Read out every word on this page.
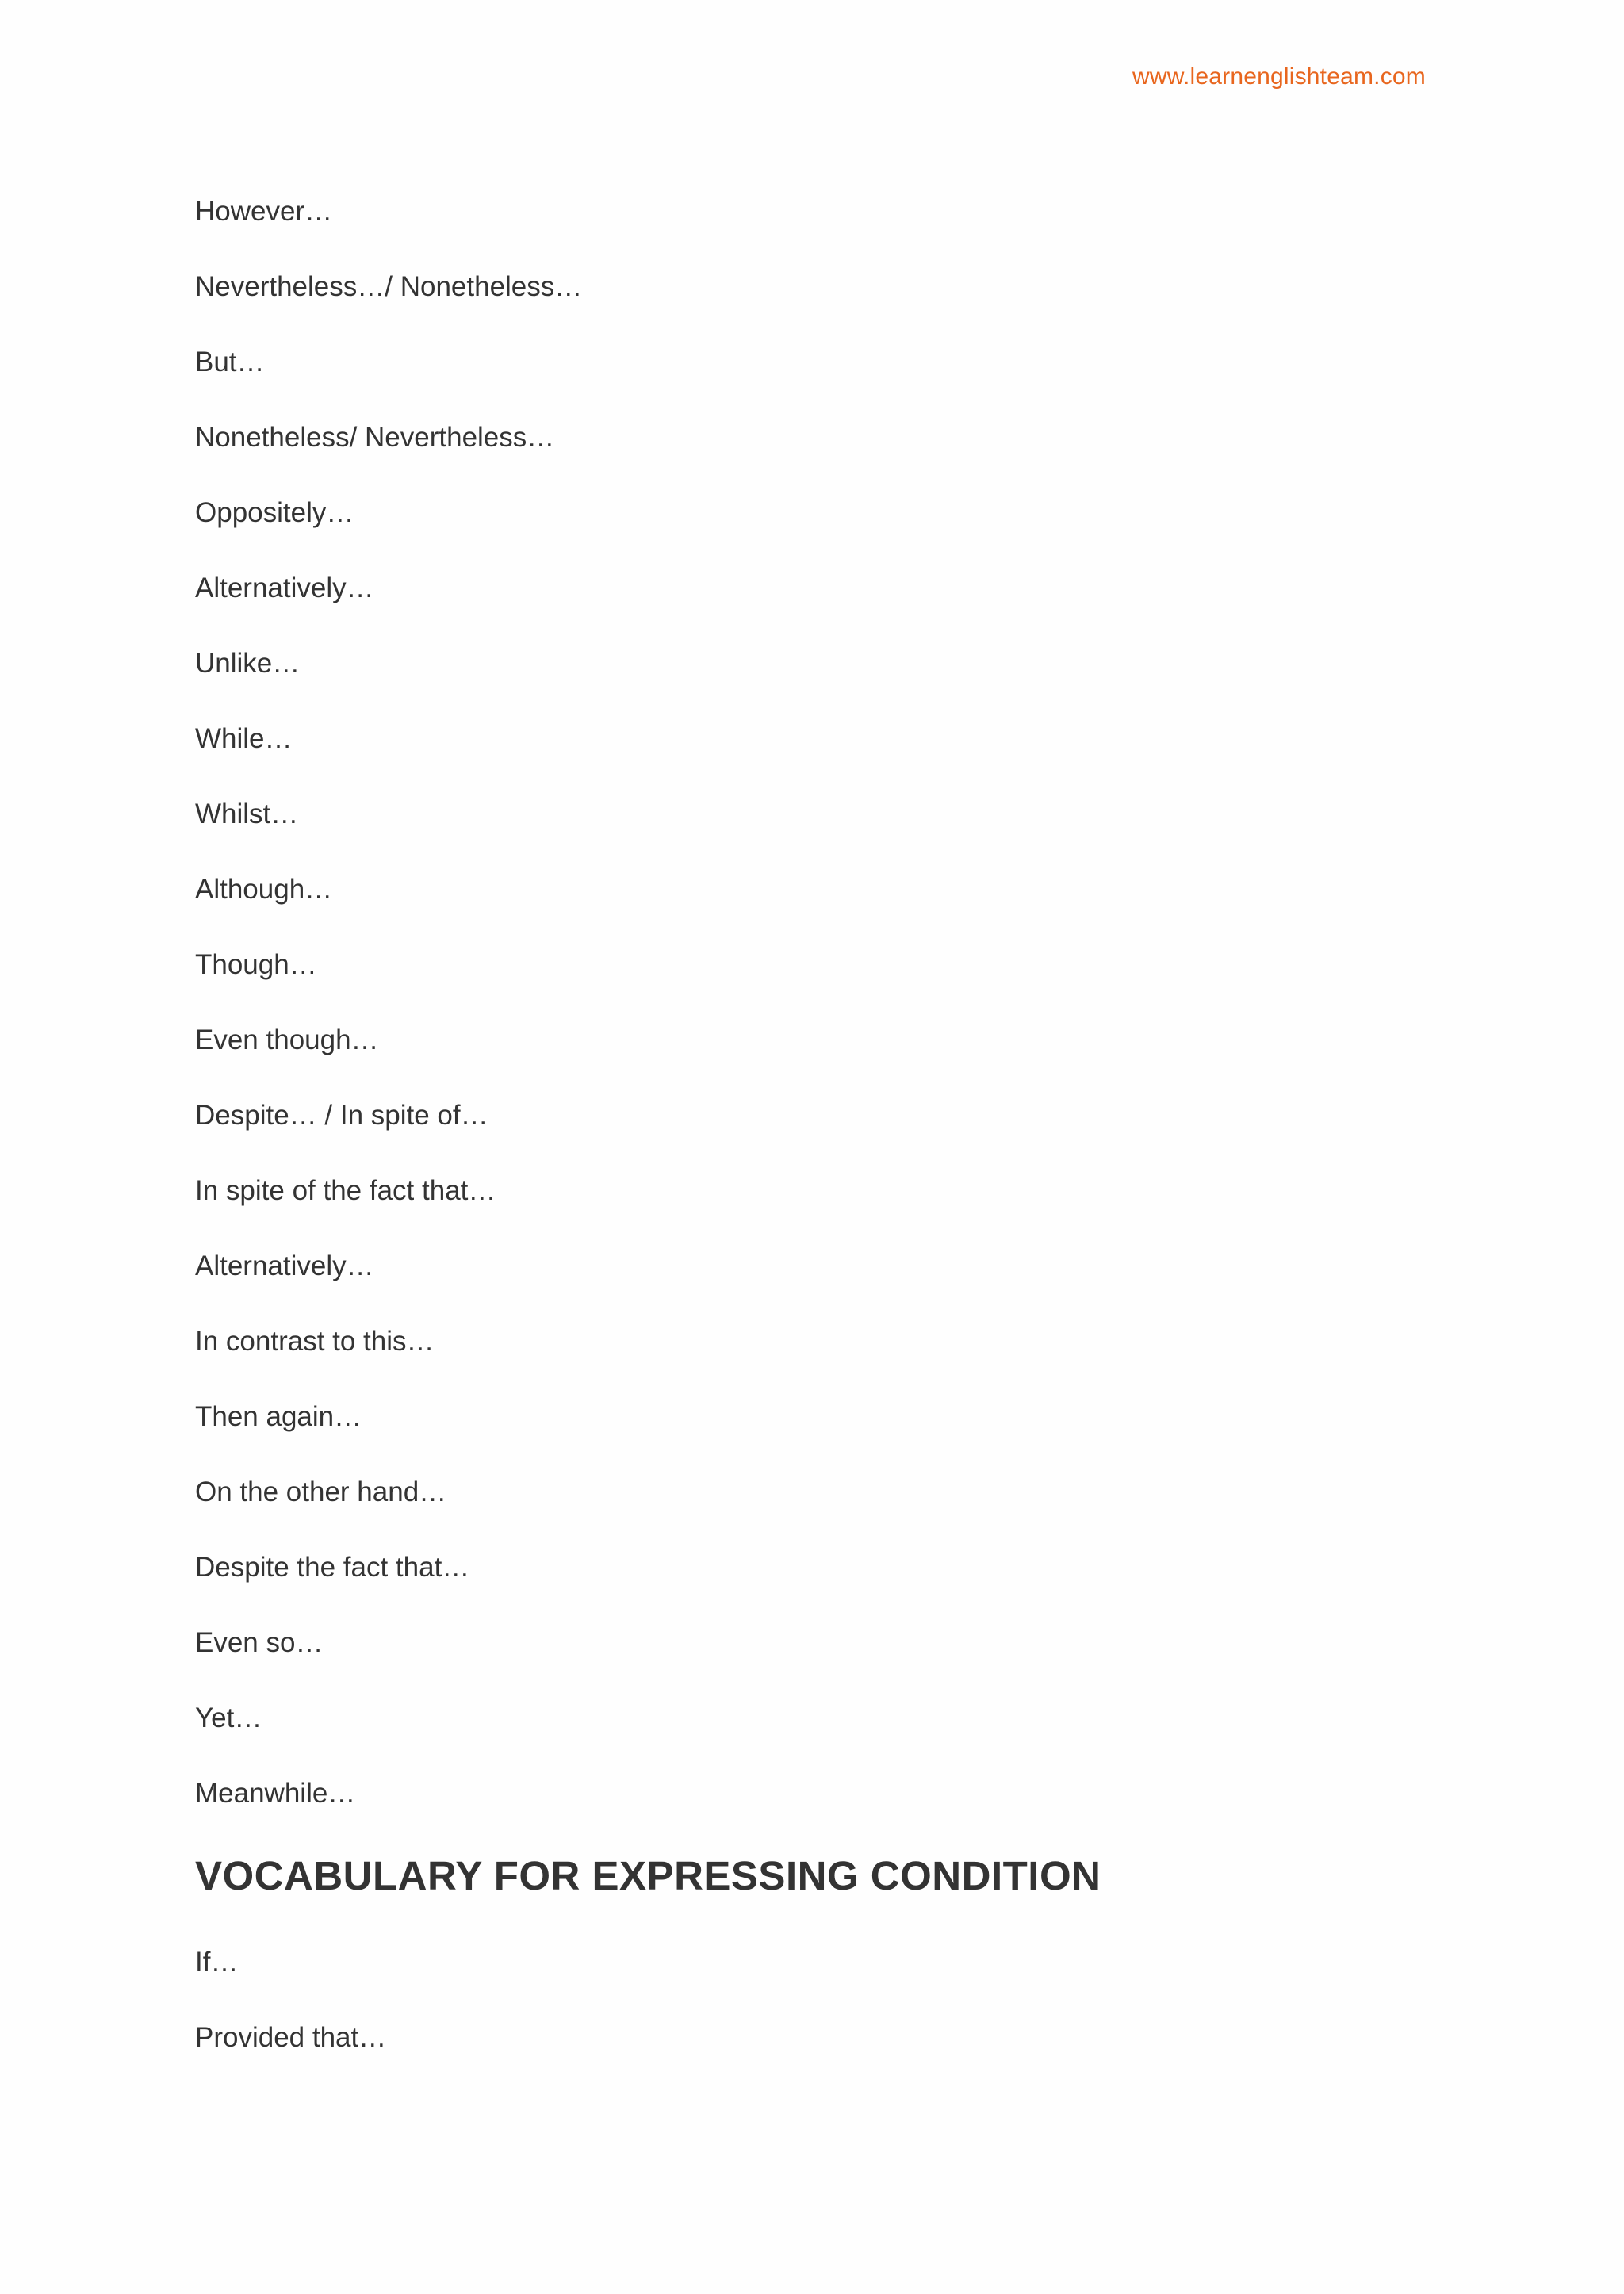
www.learnenglishteam.com
However…
Nevertheless…/ Nonetheless…
But…
Nonetheless/ Nevertheless…
Oppositely…
Alternatively…
Unlike…
While…
Whilst…
Although…
Though…
Even though…
Despite… / In spite of…
In spite of the fact that…
Alternatively…
In contrast to this…
Then again…
On the other hand…
Despite the fact that…
Even so…
Yet…
Meanwhile…
VOCABULARY FOR EXPRESSING CONDITION
If…
Provided that…
